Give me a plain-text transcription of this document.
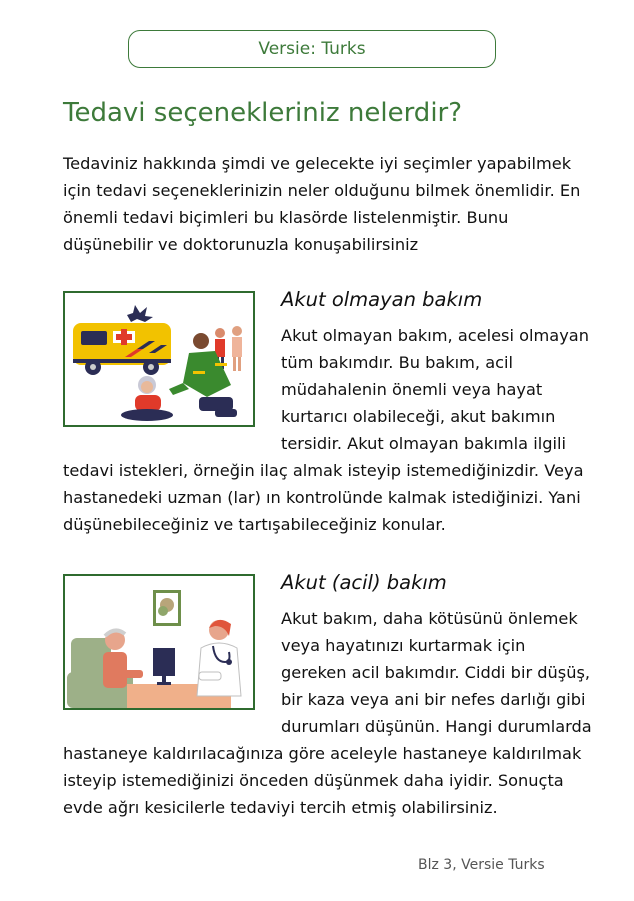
Versie: Turks
Tedavi seçenekleriniz nelerdir?

Tedaviniz hakkında şimdi ve gelecekte iyi seçimler yapabilmek için tedavi seçeneklerinizin neler olduğunu bilmek önemlidir. En önemli tedavi biçimleri bu klasörde listelenmiştir. Bunu düşünebilir ve doktorunuzla konuşabilirsiniz

Akut olmayan bakım

Akut olmayan bakım, acelesi olmayan tüm bakımdır. Bu bakım, acil müdahalenin önemli veya hayat kurtarıcı olabileceği, akut bakımın tersidir. Akut olmayan bakımla ilgili tedavi istekleri, örneğin ilaç almak isteyip istemediğinizdir. Veya hastanedeki uzman (lar) ın kontrolünde kalmak istediğinizi. Yani düşünebileceğiniz ve tartışabileceğiniz konular.

Akut (acil) bakım

Akut bakım, daha kötüsünü önlemek veya hayatınızı kurtarmak için gereken acil bakımdır. Ciddi bir düşüş, bir kaza veya ani bir nefes darlığı gibi durumları düşünün. Hangi durumlarda hastaneye kaldırılacağınıza göre aceleyle hastaneye kaldırılmak isteyip istemediğinizi önceden düşünmek daha iyidir. Sonuçta evde ağrı kesicilerle tedaviyi tercih etmiş olabilirsiniz.

Blz 3, Versie Turks
